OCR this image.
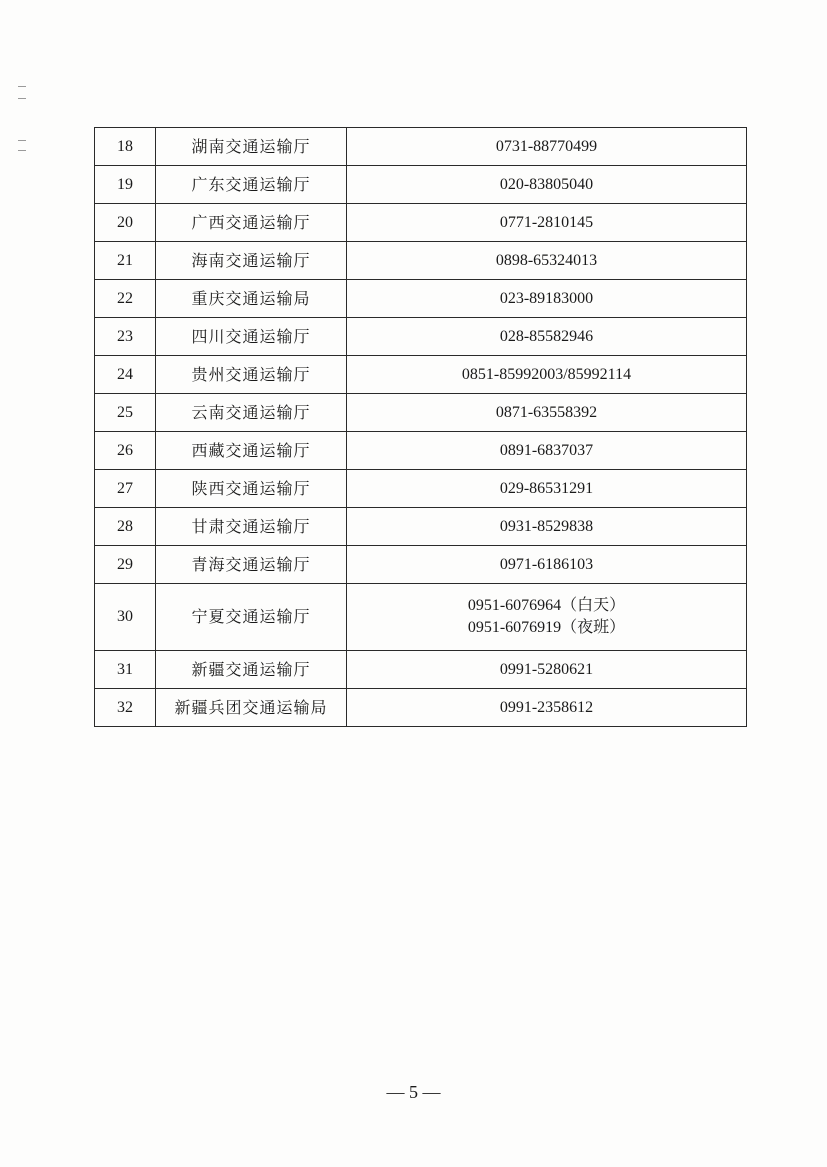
18	湖南交通运输厅	0731-88770499

19	广东交通运输厅	020-83805040

20	广西交通运输厅	0771-2810145

21	海南交通运输厅	0898-65324013

22	重庆交通运输局	023-89183000

23	四川交通运输厅	028-85582946

24	贵州交通运输厅	0851-85992003/85992114

25	云南交通运输厅	0871-63558392

26	西藏交通运输厅	0891-6837037

27	陕西交通运输厅	029-86531291

28	甘肃交通运输厅	0931-8529838

29	青海交通运输厅	0971-6186103

30	宁夏交通运输厅	0951-6076964（白天）
0951-6076919（夜班）

31	新疆交通运输厅	0991-5280621

32	新疆兵团交通运输局	0991-2358612
— 5 —
